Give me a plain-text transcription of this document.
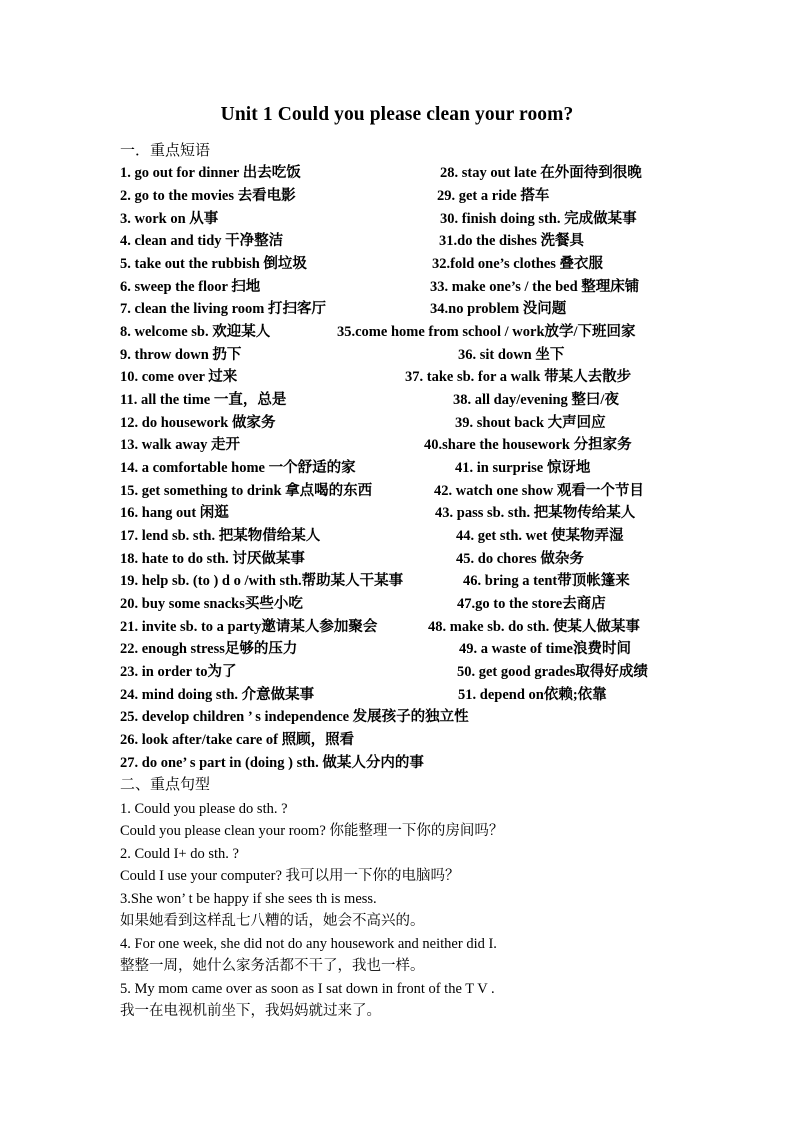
Unit 1 Could you please clean your room?
一．重点短语
1. go out for dinner 出去吃饭
2. go to the movies 去看电影
3. work on 从事
4. clean and tidy 干净整洁
5. take out the rubbish 倒垃圾
6. sweep the floor 扫地
7. clean the living room 打扫客厅
8. welcome sb. 欢迎某人
9. throw down 扔下
10. come over 过来
11. all the time 一直，总是
12. do housework 做家务
13. walk away 走开
14. a comfortable home 一个舒适的家
15. get something to drink 拿点喝的东西
16. hang out 闲逛
17. lend sb. sth. 把某物借给某人
18. hate to do sth. 讨厌做某事
19. help sb. (to ) d o /with sth.帮助某人干某事
20. buy some snacks买些小吃
21. invite sb. to a party邀请某人参加聚会
22. enough stress足够的压力
23. in order to为了
24. mind doing sth. 介意做某事
25. develop children ’ s independence 发展孩子的独立性
26. look after/take care of 照顾，照看
27. do one’ s part in (doing ) sth. 做某人分内的事
28. stay out late 在外面待到很晚
29. get a ride 搭车
30. finish doing sth. 完成做某事
31.do the dishes 洗餐具
32.fold one’s clothes 叠衣服
33. make one’s / the bed 整理床铺
34.no problem 没问题
35.come home from school / work放学/下班回家
36. sit down 坐下
37. take sb. for a walk 带某人去散步
38. all day/evening 整曰/夜
39. shout back 大声回应
40.share the housework 分担家务
41. in surprise 惊讶地
42. watch one show 观看一个节目
43. pass sb. sth. 把某物传给某人
44. get sth. wet 使某物弄湿
45. do chores 做杂务
46. bring a tent带顶帐篷来
47.go to the store去商店
48. make sb. do sth. 使某人做某事
49. a waste of time浪费时间
50. get good grades取得好成绩
51. depend on依赖;依靠
二、重点句型
1. Could you please do sth. ?
Could you please clean your room? 你能整理一下你的房间吗？
2. Could I+ do sth. ?
Could I use your computer? 我可以用一下你的电脑吗？
3.She won’ t be happy if she sees th is mess.
如果她看到这样乱七八糟的话，她会不高兴的。
4. For one week, she did not do any housework and neither did I.
整整一周，她什么家务活都不干了，我也一样。
5. My mom came over as soon as I sat down in front of the T V .
我一在电视机前坐下，我妈妈就过来了。
